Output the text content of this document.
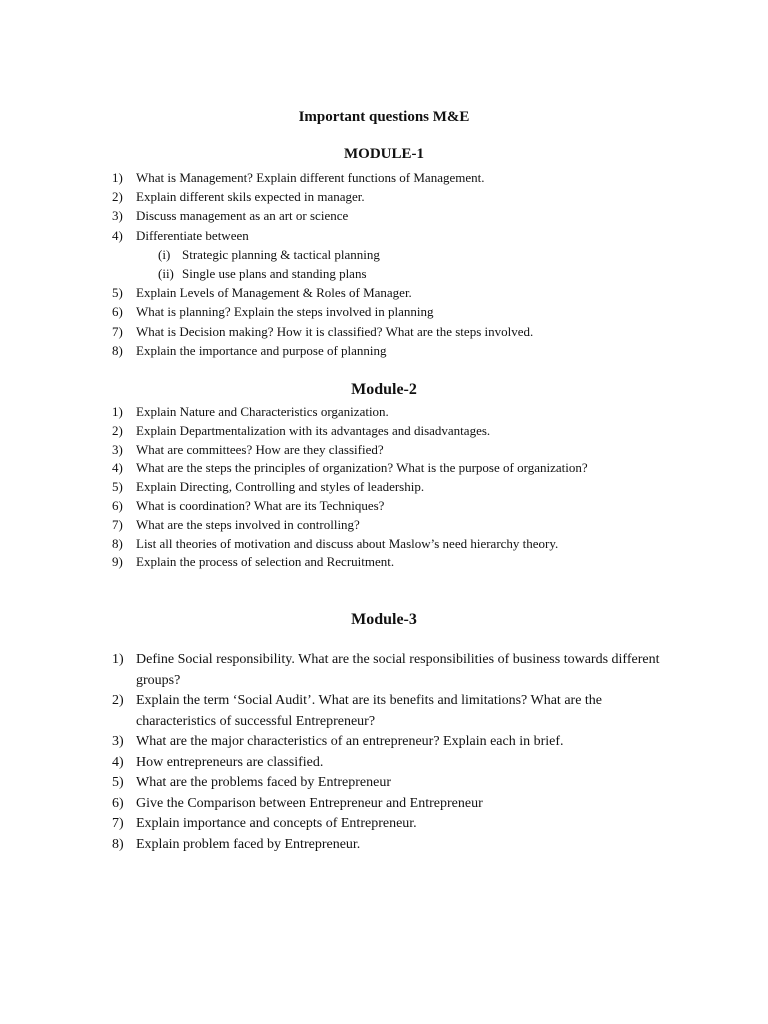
Important questions M&E
MODULE-1
1) What is Management? Explain different functions of Management.
2) Explain different skils expected in manager.
3) Discuss management as an art or science
4) Differentiate between
(i) Strategic planning & tactical planning
(ii) Single use plans and standing plans
5) Explain Levels of Management & Roles of Manager.
6) What is planning? Explain the steps involved in planning
7) What is Decision making? How it is classified? What are the steps involved.
8) Explain the importance and purpose of planning
Module-2
1) Explain Nature and Characteristics organization.
2) Explain Departmentalization with its advantages and disadvantages.
3) What are committees? How are they classified?
4) What are the steps the principles of organization? What is the purpose of organization?
5) Explain Directing, Controlling and styles of leadership.
6) What is coordination? What are its Techniques?
7) What are the steps involved in controlling?
8) List all theories of motivation and discuss about Maslow’s need hierarchy theory.
9) Explain the process of selection and Recruitment.
Module-3
1) Define Social responsibility. What are the social responsibilities of business towards different groups?
2) Explain the term ‘Social Audit’. What are its benefits and limitations? What are the characteristics of successful Entrepreneur?
3) What are the major characteristics of an entrepreneur? Explain each in brief.
4) How entrepreneurs are classified.
5) What are the problems faced by Entrepreneur
6) Give the Comparison between Entrepreneur and Entrepreneur
7) Explain importance and concepts of Entrepreneur.
8) Explain problem faced by Entrepreneur.
